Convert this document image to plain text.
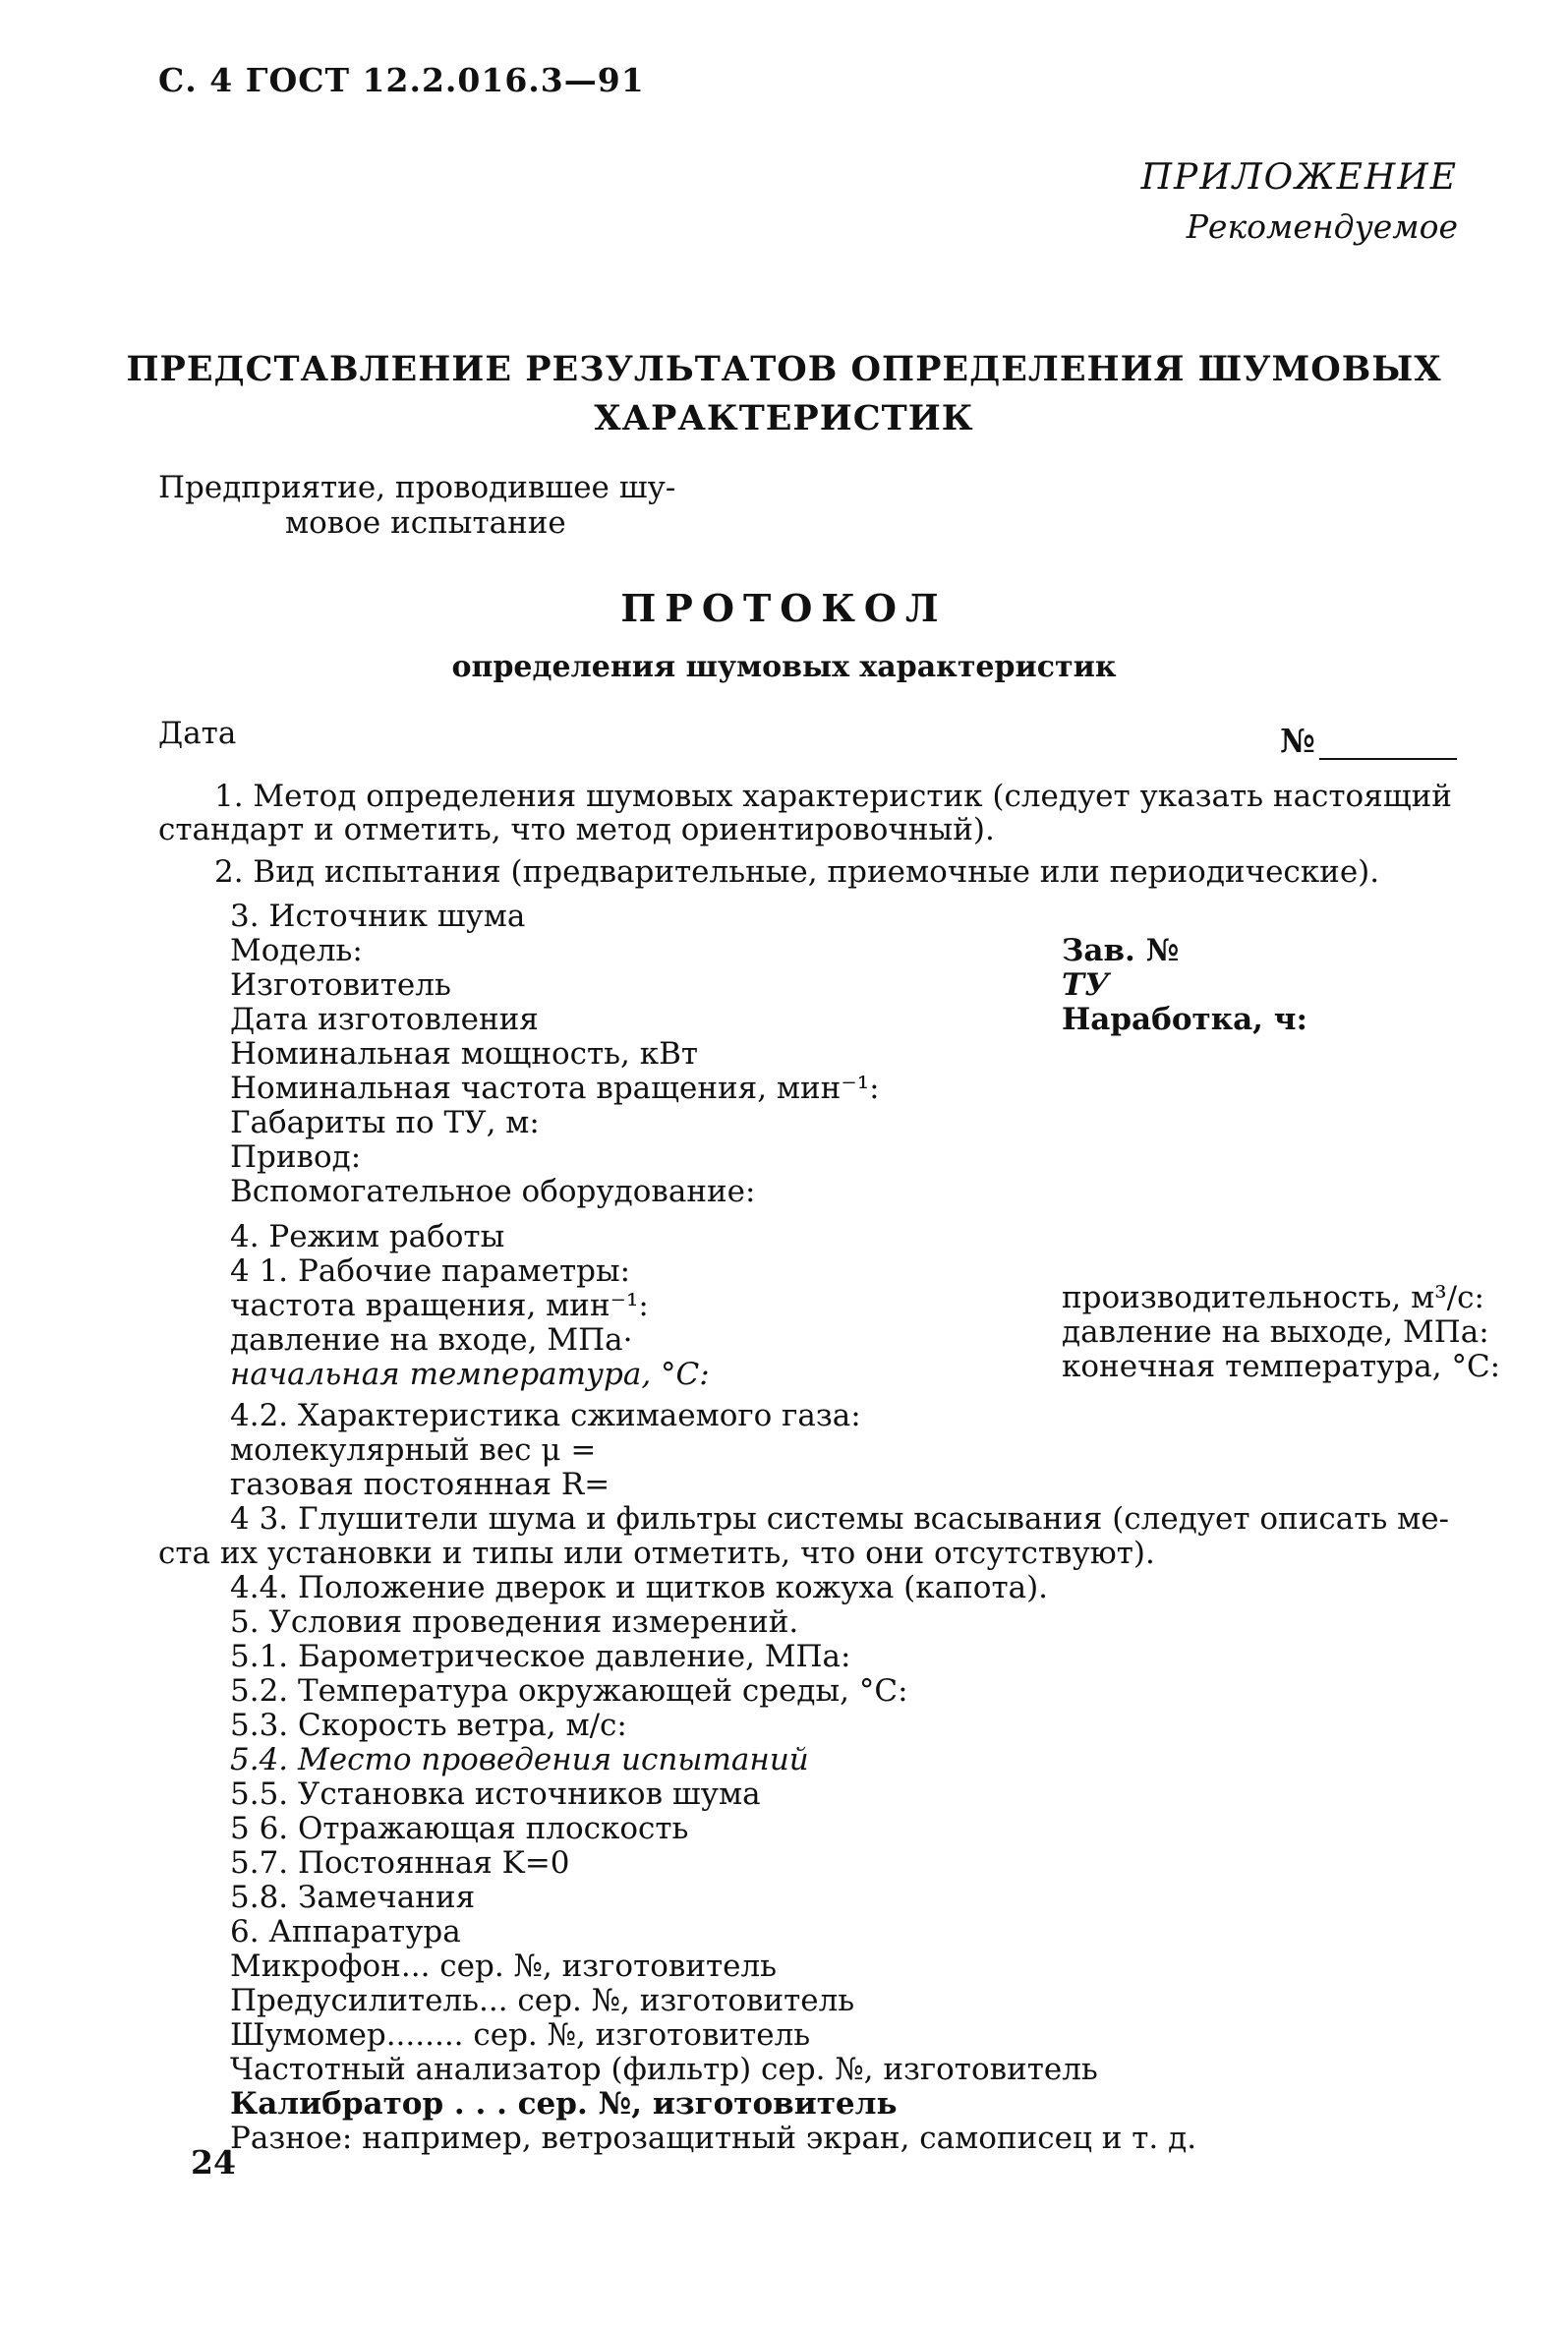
С. 4 ГОСТ 12.2.016.3—91
ПРИЛОЖЕНИЕ
Рекомендуемое
ПРЕДСТАВЛЕНИЕ РЕЗУЛЬТАТОВ ОПРЕДЕЛЕНИЯ ШУМОВЫХ
ХАРАКТЕРИСТИК
Предприятие, проводившее шу-
мовое испытание
ПРОТОКОЛ
определения шумовых характеристик
Дата	№
1. Метод определения шумовых характеристик (следует указать настоящий
стандарт и отметить, что метод ориентировочный).
2. Вид испытания (предварительные, приемочные или периодические).
3. Источник шума
Модель:	Зав. №
Изготовитель	ТУ
Дата изготовления	Наработка, ч:
Номинальная мощность, кВт
Номинальная частота вращения, мин⁻¹:
Габариты по ТУ, м:
Привод:
Вспомогательное оборудование:
4. Режим работы
4 1. Рабочие параметры:
частота вращения, мин⁻¹:	производительность, м³/с:
давление на входе, МПа·	давление на выходе, МПа:
начальная температура, °С:	конечная температура, °С:
4.2. Характеристика сжимаемого газа:
молекулярный вес μ =
газовая постоянная R=
4 3. Глушители шума и фильтры системы всасывания (следует описать ме-
ста их установки и типы или отметить, что они отсутствуют).
4.4. Положение дверок и щитков кожуха (капота).
5. Условия проведения измерений.
5.1. Барометрическое давление, МПа:
5.2. Температура окружающей среды, °С:
5.3. Скорость ветра, м/с:
5.4. Место проведения испытаний
5.5. Установка источников шума
5 6. Отражающая плоскость
5.7. Постоянная K=0
5.8. Замечания
6. Аппаратура
Микрофон... сер. №, изготовитель
Предусилитель... сер. №, изготовитель
Шумомер........ сер. №, изготовитель
Частотный анализатор (фильтр) сер. №, изготовитель
Калибратор . . . сер. №, изготовитель
Разное: например, ветрозащитный экран, самописец и т. д.
24
